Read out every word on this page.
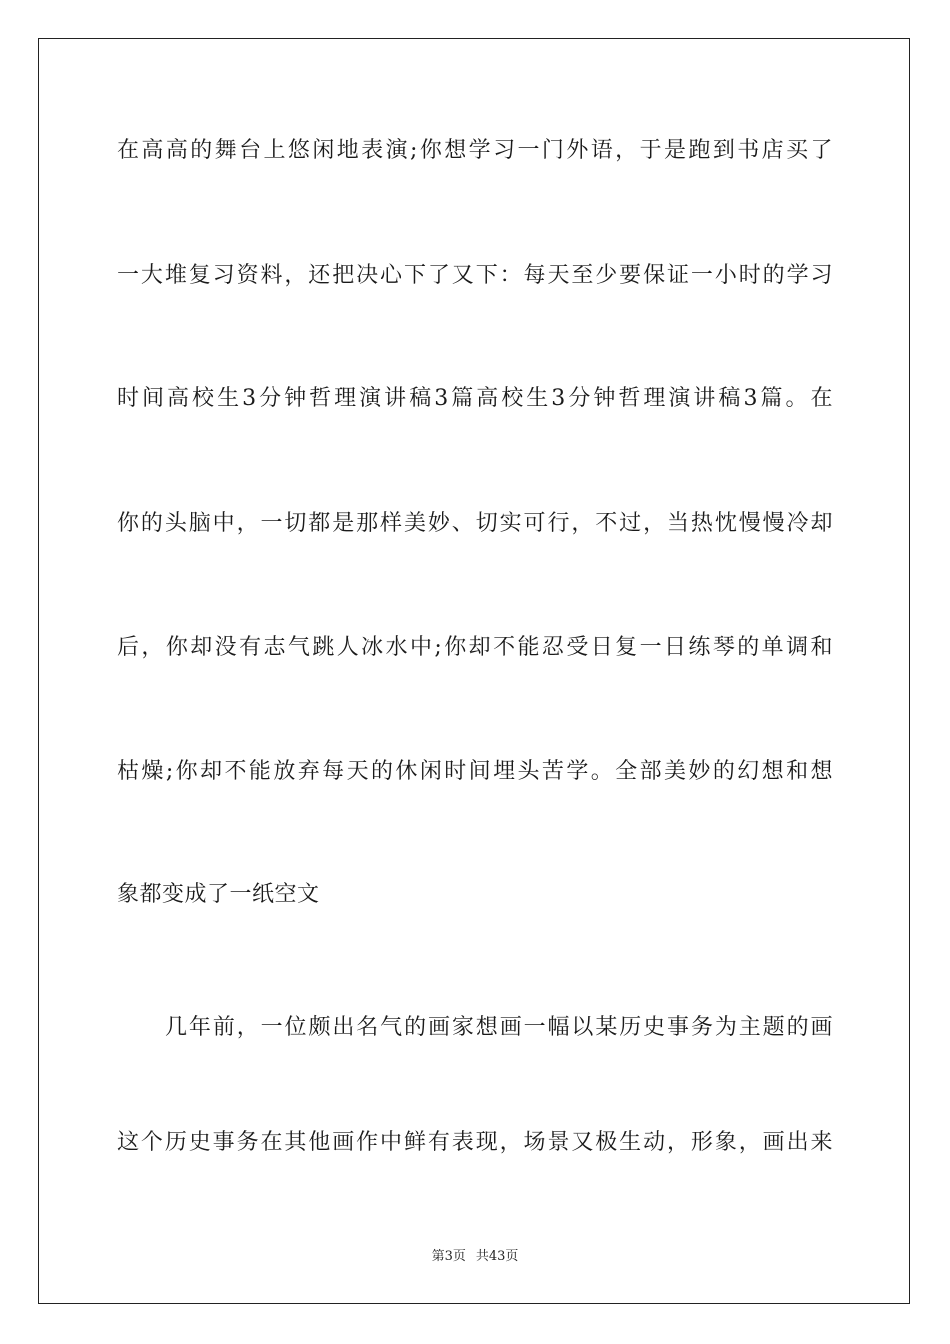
在高高的舞台上悠闲地表演;你想学习一门外语，于是跑到书店买了
一大堆复习资料，还把决心下了又下：每天至少要保证一小时的学习
时间高校生3分钟哲理演讲稿3篇高校生3分钟哲理演讲稿3篇。在
你的头脑中，一切都是那样美妙、切实可行，不过，当热忱慢慢冷却
后，你却没有志气跳人冰水中;你却不能忍受日复一日练琴的单调和
枯燥;你却不能放弃每天的休闲时间埋头苦学。全部美妙的幻想和想
象都变成了一纸空文
几年前，一位颇出名气的画家想画一幅以某历史事务为主题的画
这个历史事务在其他画作中鲜有表现，场景又极生动，形象，画出来
第3页 共43页
